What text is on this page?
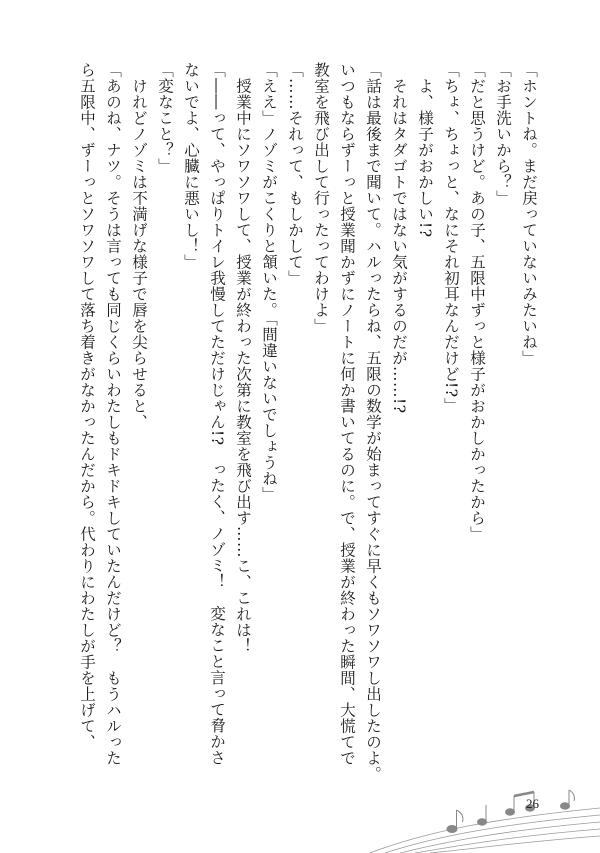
「ホントね。まだ戻っていないみたいね」
「お手洗いから？」
「だと思うけど。あの子、五限中ずっと様子がおかしかったから」
「ちょ、ちょっと、なにそれ初耳なんだけど!?」
　よ、様子がおかしい!?
　それはタダゴトではない気がするのだが……!?
「話は最後まで聞いて。ハルったらね、五限の数学が始まってすぐに早くもソワソワし出したのよ。
いつもならずーっと授業聞かずにノートに何か書いてるのに。で、授業が終わった瞬間、大慌てで
教室を飛び出して行ったってわけよ」
「……それって、もしかして」
「ええ」ノゾミがこくりと頷いた。「間違いないでしょうね」
　授業中にソワソワして、授業が終わった次第に教室を飛び出す……こ、これは！
「――って、やっぱりトイレ我慢してただけじゃん!?　ったく、ノゾミ！　変なこと言って脅かさ
ないでよ、心臓に悪いし！」
「変なこと？」
　けれどノゾミは不満げな様子で唇を尖らせると、
「あのね、ナツ。そうは言っても同じくらいわたしもドキドキしていたんだけど？　もうハルった
ら五限中、ずーっとソワソワして落ち着きがなかったんだから。代わりにわたしが手を上げて、
26
